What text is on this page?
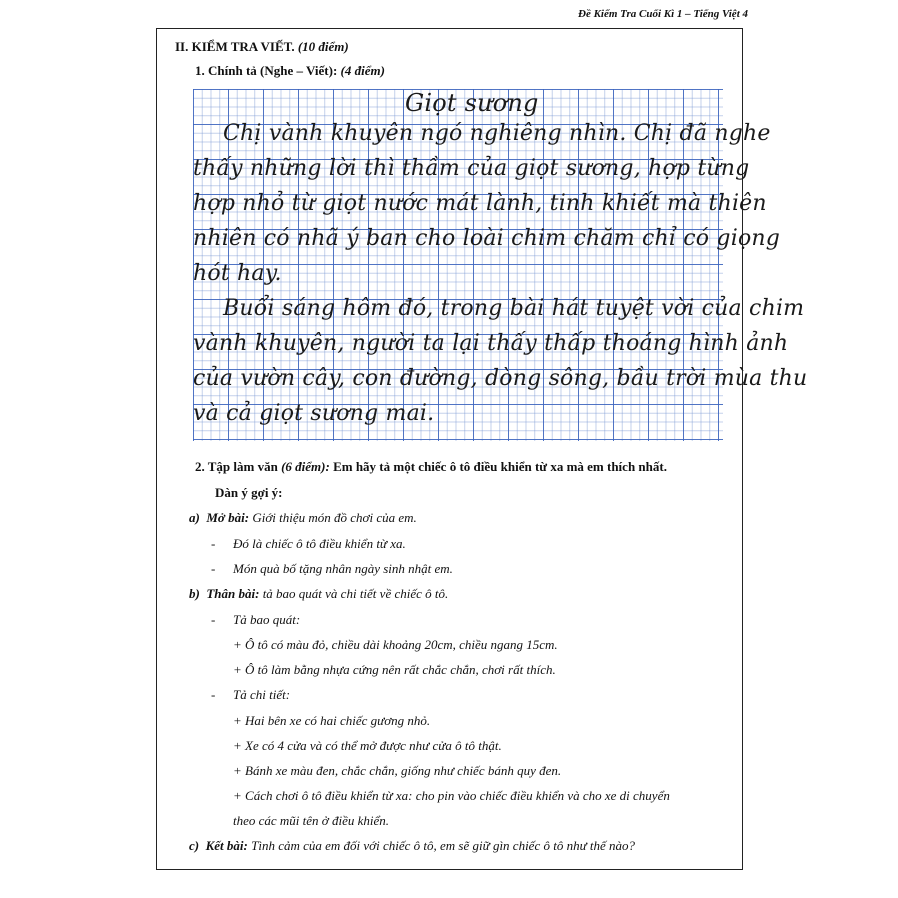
Đề Kiểm Tra Cuối Kì 1 – Tiếng Việt 4
II. KIỂM TRA VIẾT. (10 điểm)
1. Chính tả (Nghe – Viết): (4 điểm)
Giọt sương
Chị vành khuyên ngó nghiêng nhìn. Chị đã nghe
thấy những lời thì thầm của giọt sương, hợp từng
hợp nhỏ từ giọt nước mát lành, tinh khiết mà thiên
nhiên có nhã ý ban cho loài chim chăm chỉ có giọng
hót hay.
Buổi sáng hôm đó, trong bài hát tuyệt vời của chim
vành khuyên, người ta lại thấy thấp thoáng hình ảnh
của vườn cây, con đường, dòng sông, bầu trời mùa thu
và cả giọt sương mai.
2. Tập làm văn (6 điểm): Em hãy tả một chiếc ô tô điều khiển từ xa mà em thích nhất.
Dàn ý gợi ý:
a) Mở bài: Giới thiệu món đồ chơi của em.
- Đó là chiếc ô tô điều khiển từ xa.
- Món quà bố tặng nhân ngày sinh nhật em.
b) Thân bài: tả bao quát và chi tiết về chiếc ô tô.
- Tả bao quát:
+ Ô tô có màu đỏ, chiều dài khoảng 20cm, chiều ngang 15cm.
+ Ô tô làm bằng nhựa cứng nên rất chắc chắn, chơi rất thích.
- Tả chi tiết:
+ Hai bên xe có hai chiếc gương nhỏ.
+ Xe có 4 cửa và có thể mở được như cửa ô tô thật.
+ Bánh xe màu đen, chắc chắn, giống như chiếc bánh quy đen.
+ Cách chơi ô tô điều khiển từ xa: cho pin vào chiếc điều khiển và cho xe di chuyển
theo các mũi tên ở điều khiển.
c) Kết bài: Tình cảm của em đối với chiếc ô tô, em sẽ giữ gìn chiếc ô tô như thế nào?
